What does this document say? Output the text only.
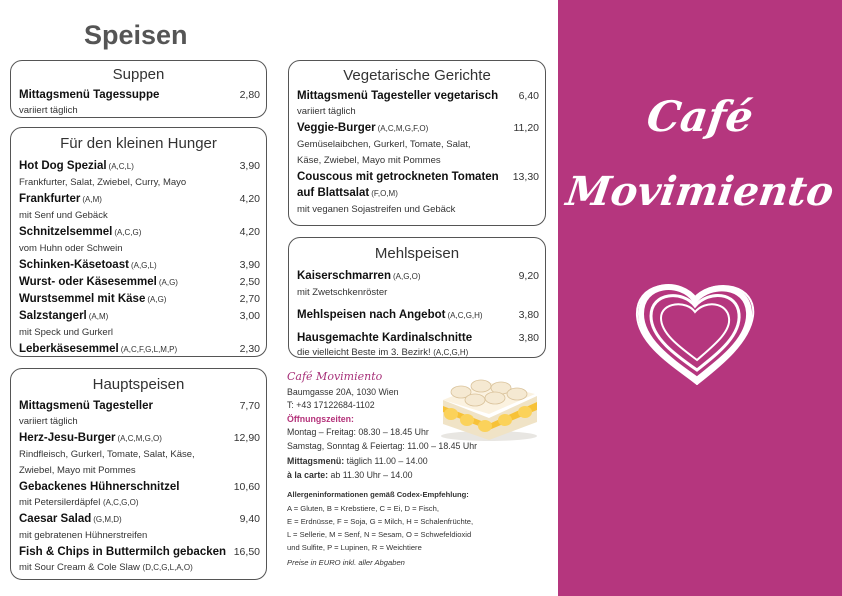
Speisen
Suppen
Mittagsmenü Tagessuppe	2,80
variiert täglich
Für den kleinen Hunger
Hot Dog Spezial (A,C,L)	3,90
Frankfurter, Salat, Zwiebel, Curry, Mayo
Frankfurter (A,M)	4,20
mit Senf und Gebäck
Schnitzelsemmel (A,C,G)	4,20
vom Huhn oder Schwein
Schinken-Käsetoast (A,G,L)	3,90
Wurst- oder Käsesemmel (A,G)	2,50
Wurstsemmel mit Käse (A,G)	2,70
Salzstangerl (A,M)	3,00
mit Speck und Gurkerl
Leberkäsesemmel (A,C,F,G,L,M,P)	2,30
Hauptspeisen
Mittagsmenü Tagesteller	7,70
variiert täglich
Herz-Jesu-Burger (A,C,M,G,O)	12,90
Rindfleisch, Gurkerl, Tomate, Salat, Käse,
Zwiebel, Mayo mit Pommes
Gebackenes Hühnerschnitzel	10,60
mit Petersilerdäpfel (A,C,G,O)
Caesar Salad (G,M,D)	9,40
mit gebratenen Hühnerstreifen
Fish & Chips in Buttermilch gebacken 16,50
mit Sour Cream & Cole Slaw (D,C,G,L,A,O)
Vegetarische Gerichte
Mittagsmenü Tagesteller vegetarisch	6,40
variiert täglich
Veggie-Burger (A,C,M,G,F,O)	11,20
Gemüselaibchen, Gurkerl, Tomate, Salat,
Käse, Zwiebel, Mayo mit Pommes
Couscous mit getrockneten Tomaten	13,30
auf Blattsalat (F,O,M)
mit veganen Sojastreifen und Gebäck
Mehlspeisen
Kaiserschmarren (A,G,O)	9,20
mit Zwetschkenröster
Mehlspeisen nach Angebot (A,C,G,H)	3,80
Hausgemachte Kardinalschnitte	3,80
die vielleicht Beste im 3. Bezirk! (A,C,G,H)
Café Movimiento
Baumgasse 20A, 1030 Wien
T: +43 17122684-1102
Öffnungszeiten:
Montag – Freitag: 08.30 – 18.45 Uhr
Samstag, Sonntag & Feiertag: 11.00 – 18.45 Uhr
Mittagsmenü: täglich 11.00 – 14.00
à la carte: ab 11.30 Uhr – 14.00
Allergeninformationen gemäß Codex-Empfehlung:
A = Gluten, B = Krebstiere, C = Ei, D = Fisch,
E = Erdnüsse, F = Soja, G = Milch, H = Schalenfrüchte,
L = Sellerie, M = Senf, N = Sesam, O = Schwefeldioxid
und Sulfite, P = Lupinen, R = Weichtiere
Preise in EURO inkl. aller Abgaben
Café
Movimiento
